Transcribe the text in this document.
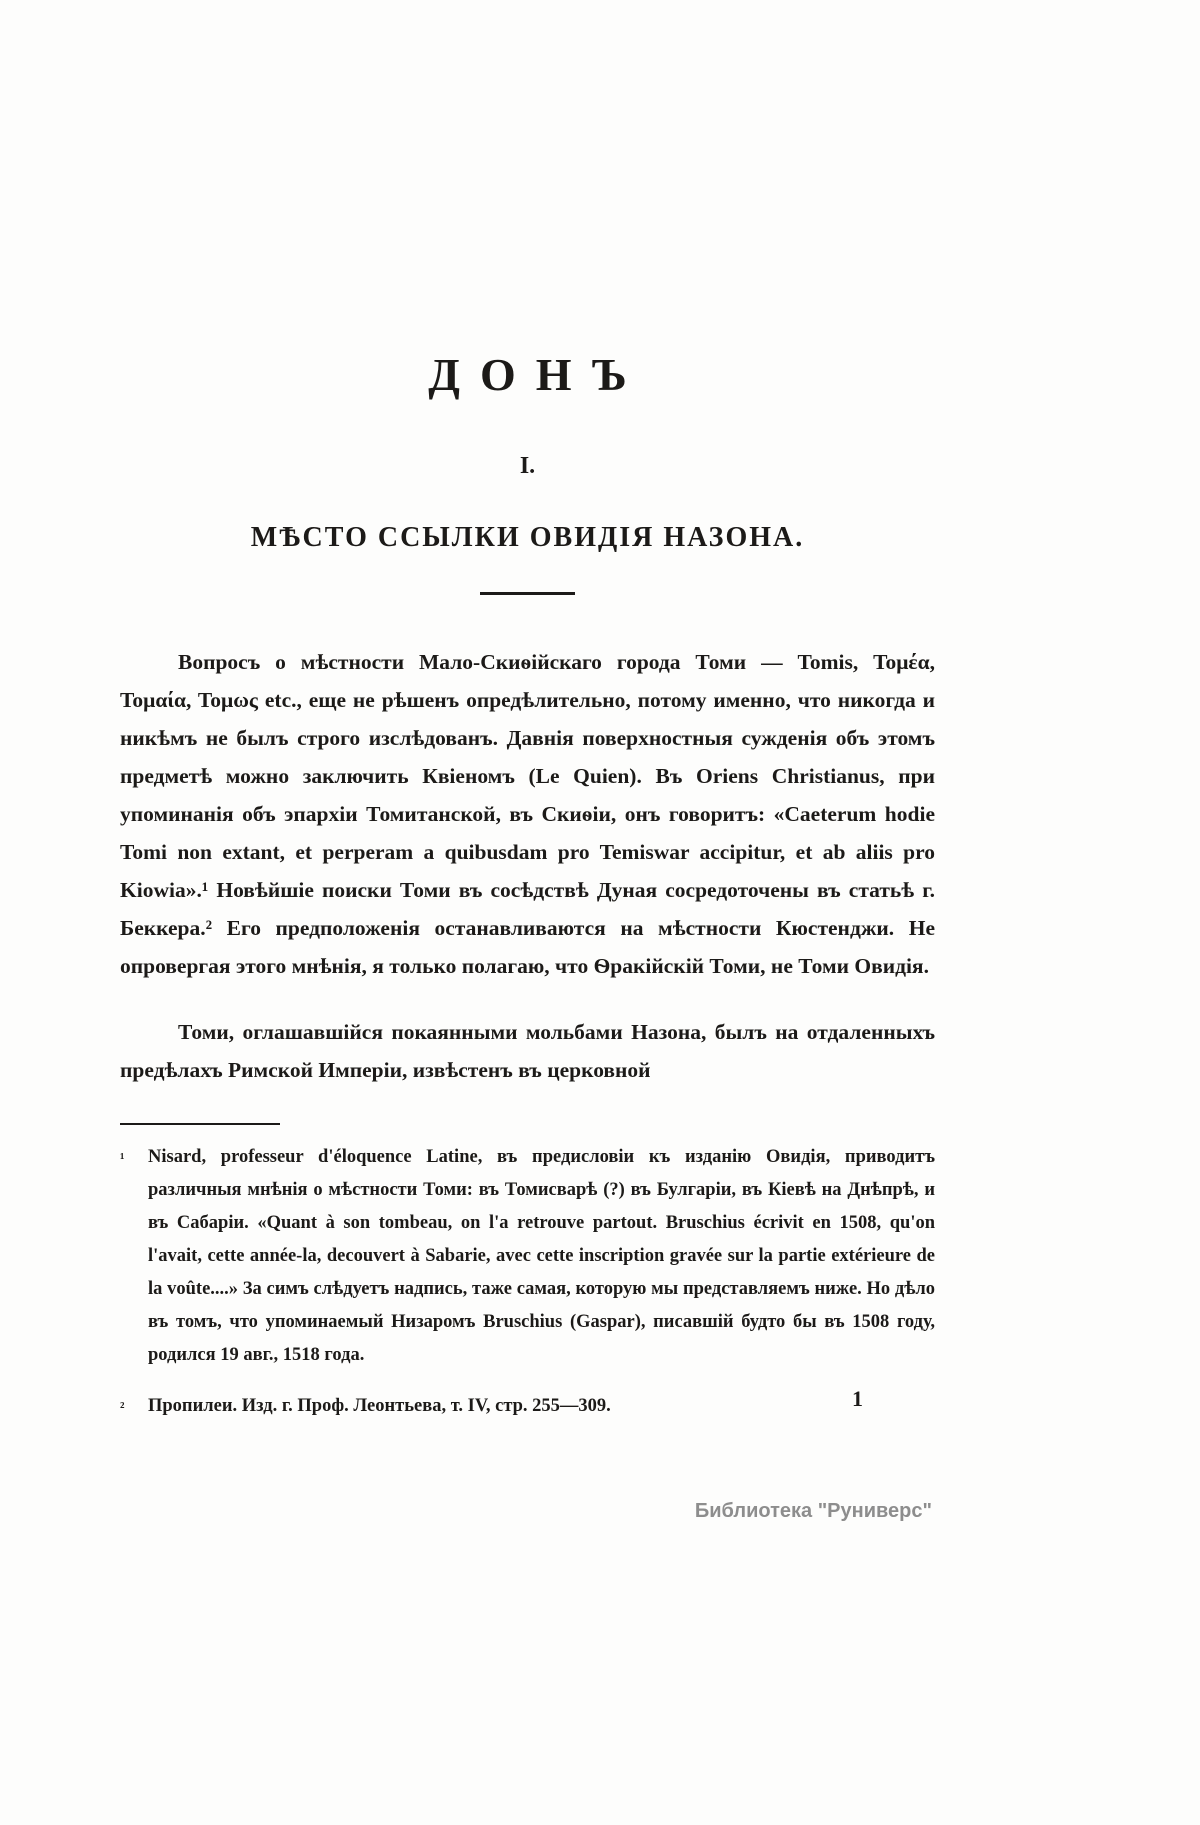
ДОНЪ
I.
МѢСТО ССЫЛКИ ОВИДІЯ НАЗОНА.

Вопросъ о мѣстности Мало-Скиѳійскаго города Томи — Tomis, Τομέα, Τομαία, Τομως etc., еще не рѣшенъ опредѣлительно, потому именно, что никогда и никѣмъ не былъ строго изслѣдованъ. Давнія поверхностныя сужденія объ этомъ предметѣ можно заключить Квіеномъ (Le Quien). Въ Oriens Christianus, при упоминанія объ эпархіи Томитанской, въ Скиѳіи, онъ говоритъ: «Caeterum hodie Tomi non extant, et perperam a quibusdam pro Temiswar accipitur, et ab aliis pro Kiowia».¹ Новѣйшіе поиски Томи въ сосѣдствѣ Дуная сосредоточены въ статьѣ г. Беккера.² Его предположенія останавливаются на мѣстности Кюстенджи. Не опровергая этого мнѣнія, я только полагаю, что Ѳракійскій Томи, не Томи Овидія.

Томи, оглашавшійся покаянными мольбами Назона, былъ на отдаленныхъ предѣлахъ Римской Имперіи, извѣстенъ въ церковной

¹ Nisard, professeur d'éloquence Latine, въ предисловіи къ изданію Овидія, приводитъ различныя мнѣнія о мѣстности Томи: въ Томисварѣ (?) въ Булгаріи, въ Кіевѣ на Днѣпрѣ, и въ Сабаріи. «Quant à son tombeau, on l'a retrouve partout. Bruschius écrivit en 1508, qu'on l'avait, cette année-la, decouvert à Sabarie, avec cette inscription gravée sur la partie extérieure de la voûte....» За симъ слѣдуетъ надпись, таже самая, которую мы представляемъ ниже. Но дѣло въ томъ, что упоминаемый Низаромъ Bruschius (Gaspar), писавшій будто бы въ 1508 году, родился 19 авг., 1518 года.
² Пропилеи. Изд. г. Проф. Леонтьева, т. IV, стр. 255—309.	1
Библиотека "Руниверс"
